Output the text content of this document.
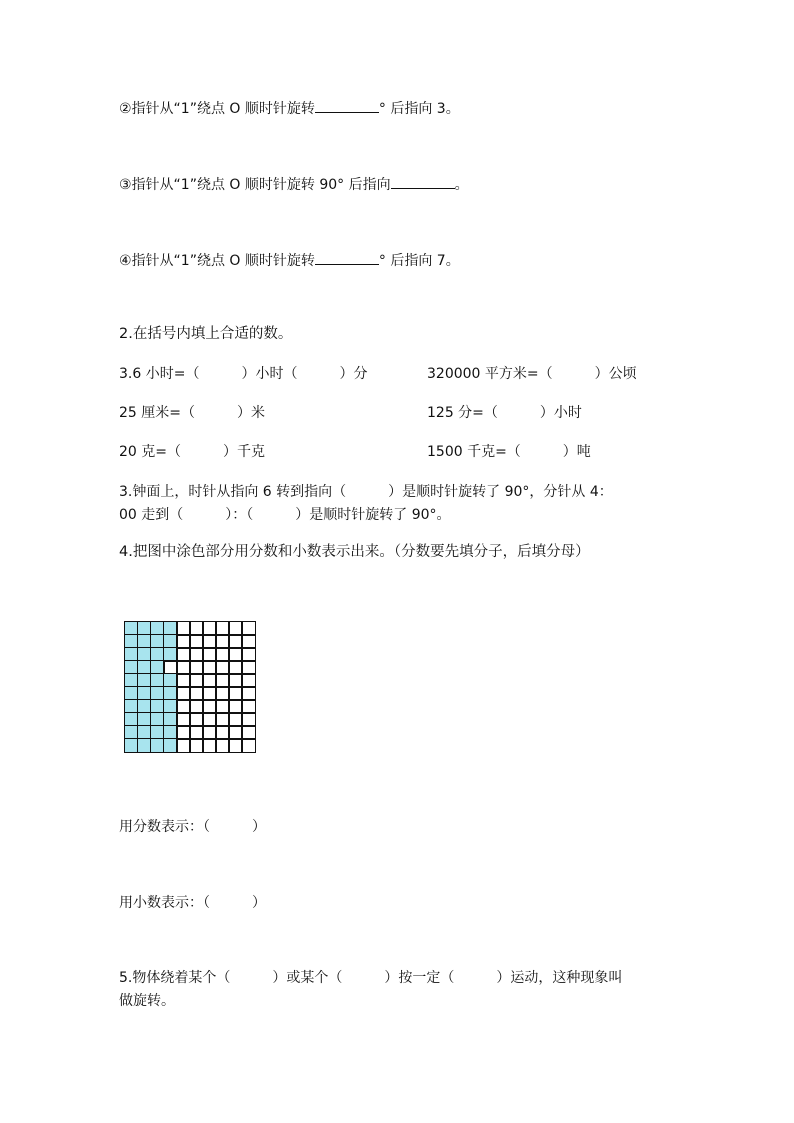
②指针从“1”绕点 O 顺时针旋转	° 后指向 3。
③指针从“1”绕点 O 顺时针旋转 90° 后指向	。
④指针从“1”绕点 O 顺时针旋转	° 后指向 7。
2.在括号内填上合适的数。
3.6 小时=（　　　）小时（　　　）分	320000 平方米=（　　　）公顷
25 厘米=（　　　）米	125 分=（　　　）小时
20 克=（　　　）千克	1500 千克=（　　　）吨
3.钟面上，时针从指向 6 转到指向（　　　）是顺时针旋转了 90°，分针从 4：
00 走到（　　　）：（　　　）是顺时针旋转了 90°。
4.把图中涂色部分用分数和小数表示出来。（分数要先填分子，后填分母）
用分数表示：（　　　）
用小数表示：（　　　）
5.物体绕着某个（　　　）或某个（　　　）按一定（　　　）运动，这种现象叫
做旋转。
